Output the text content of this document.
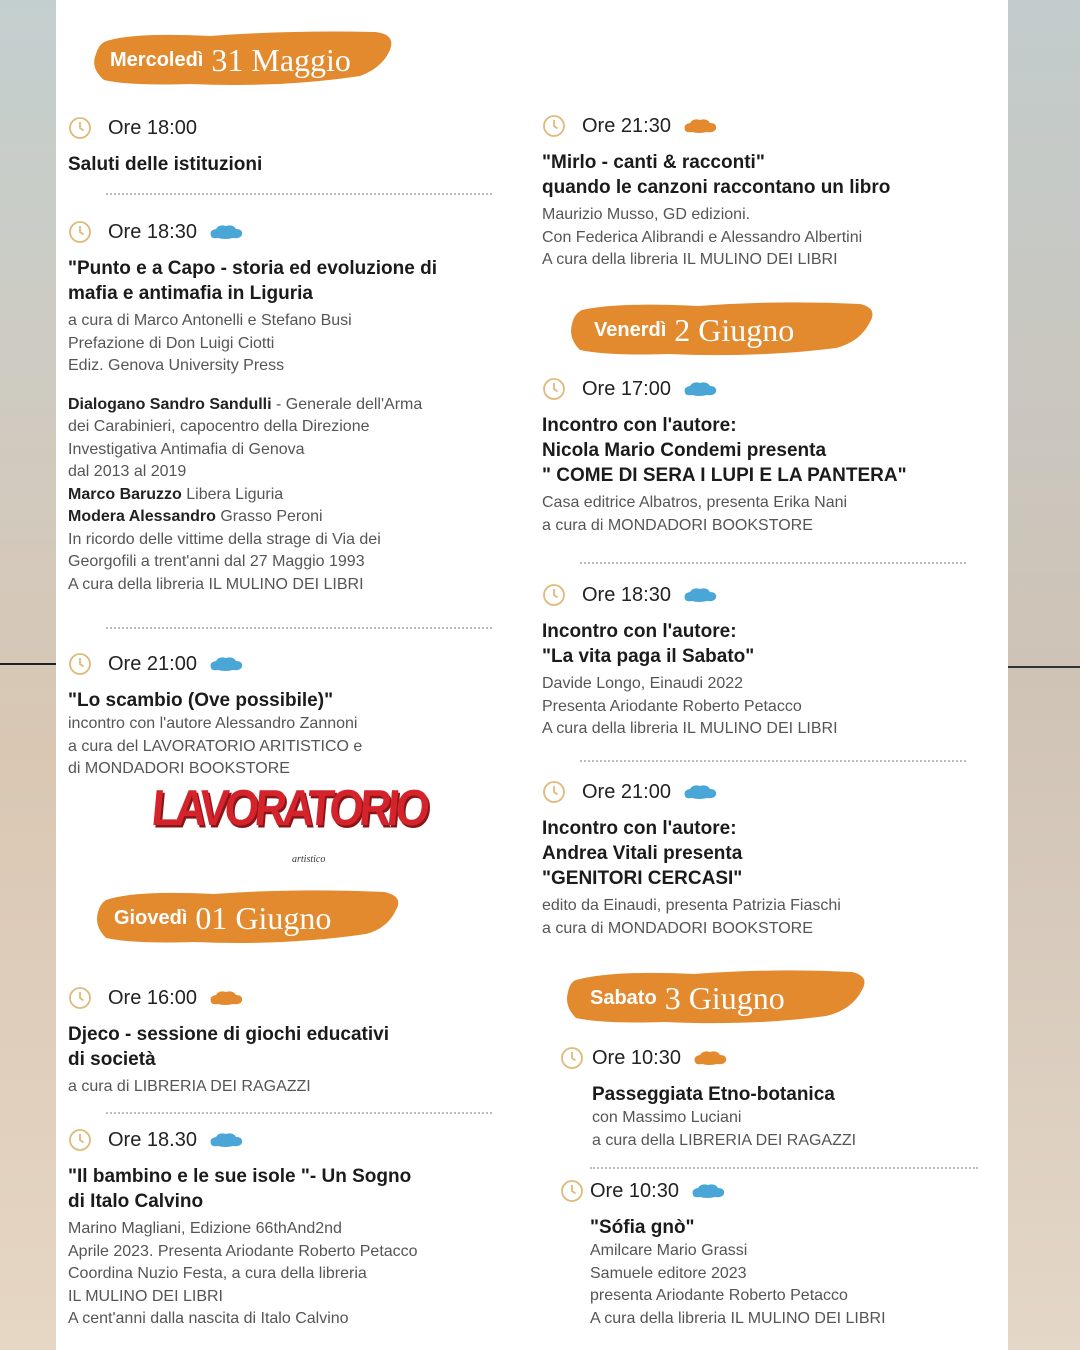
Mercoledì 31 Maggio
Ore 18:00
Saluti delle istituzioni
Ore 18:30
"Punto e a Capo - storia ed evoluzione di
mafia e antimafia in Liguria
a cura di Marco Antonelli e Stefano Busi
Prefazione di Don Luigi Ciotti
Ediz. Genova University Press
Dialogano Sandro Sandulli - Generale dell'Arma
dei Carabinieri, capocentro della Direzione
Investigativa Antimafia di Genova
dal 2013 al 2019
Marco Baruzzo Libera Liguria
Modera Alessandro Grasso Peroni
In ricordo delle vittime della strage di Via dei
Georgofili a trent'anni dal 27 Maggio 1993
A cura della libreria IL MULINO DEI LIBRI
Ore 21:00
"Lo scambio (Ove possibile)"
incontro con l'autore Alessandro Zannoni
a cura del LAVORATORIO ARITISTICO e
di MONDADORI BOOKSTORE
LAVORATORIO
artistico
Giovedì 01 Giugno
Ore 16:00
Djeco - sessione di giochi educativi
di società
a cura di LIBRERIA DEI RAGAZZI
Ore 18.30
"Il bambino e le sue isole "- Un Sogno
di Italo Calvino
Marino Magliani, Edizione 66thAnd2nd
Aprile 2023. Presenta Ariodante Roberto Petacco
Coordina Nuzio Festa, a cura della libreria
IL MULINO DEI LIBRI
A cent'anni dalla nascita di Italo Calvino
Ore 21:30
"Mirlo - canti & racconti"
quando le canzoni raccontano un libro
Maurizio Musso, GD edizioni.
Con Federica Alibrandi e Alessandro Albertini
A cura della libreria IL MULINO DEI LIBRI
Venerdì 2 Giugno
Ore 17:00
Incontro con l'autore:
Nicola Mario Condemi presenta
" COME DI SERA I LUPI E LA PANTERA"
Casa editrice Albatros, presenta Erika Nani
a cura di MONDADORI BOOKSTORE
Ore 18:30
Incontro con l'autore:
"La vita paga il Sabato"
Davide Longo, Einaudi 2022
Presenta Ariodante Roberto Petacco
A cura della libreria IL MULINO DEI LIBRI
Ore 21:00
Incontro con l'autore:
Andrea Vitali presenta
"GENITORI CERCASI"
edito da Einaudi, presenta Patrizia Fiaschi
a cura di MONDADORI BOOKSTORE
Sabato 3 Giugno
Ore 10:30
Passeggiata Etno-botanica
con Massimo Luciani
a cura della LIBRERIA DEI RAGAZZI
Ore 10:30
"Sófia gnò"
Amilcare Mario Grassi
Samuele editore 2023
presenta Ariodante Roberto Petacco
A cura della libreria IL MULINO DEI LIBRI
